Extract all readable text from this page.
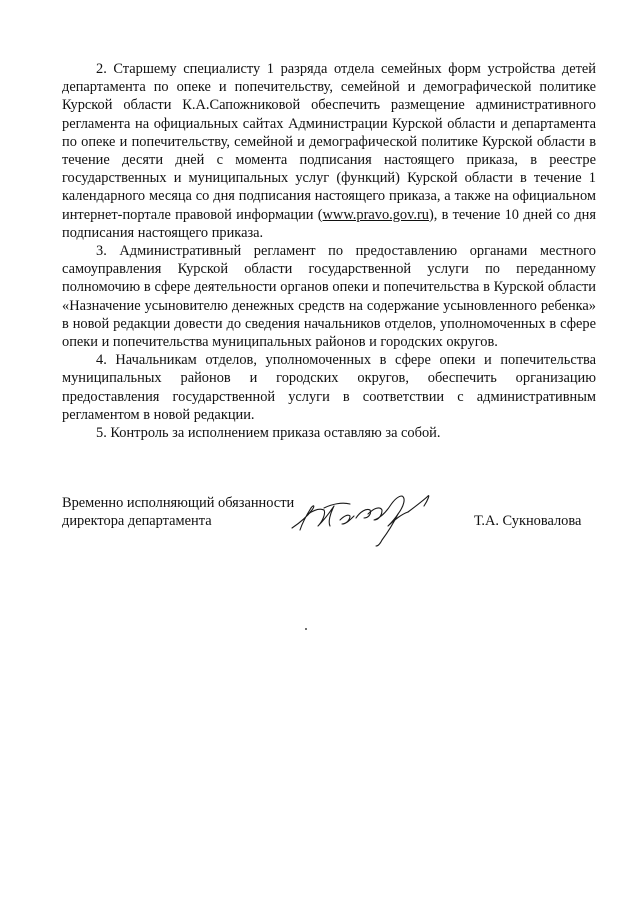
2. Старшему специалисту 1 разряда отдела семейных форм устройства детей департамента по опеке и попечительству, семейной и демографической политике Курской области К.А.Сапожниковой обеспечить размещение административного регламента на официальных сайтах Администрации Курской области и департамента по опеке и попечительству, семейной и демографической политике Курской области в течение десяти дней с момента подписания настоящего приказа, в реестре государственных и муниципальных услуг (функций) Курской области в течение 1 календарного месяца со дня подписания настоящего приказа, а также на официальном интернет-портале правовой информации (www.pravo.gov.ru), в течение 10 дней со дня подписания настоящего приказа.

3. Административный регламент по предоставлению органами местного самоуправления Курской области государственной услуги по переданному полномочию в сфере деятельности органов опеки и попечительства в Курской области «Назначение усыновителю денежных средств на содержание усыновленного ребенка» в новой редакции довести до сведения начальников отделов, уполномоченных в сфере опеки и попечительства муниципальных районов и городских округов.

4. Начальникам отделов, уполномоченных в сфере опеки и попечительства муниципальных районов и городских округов, обеспечить организацию предоставления государственной услуги в соответствии с административным регламентом в новой редакции.

5. Контроль за исполнением приказа оставляю за собой.

Временно исполняющий обязанности
директора департамента	Т.А. Сукновалова
